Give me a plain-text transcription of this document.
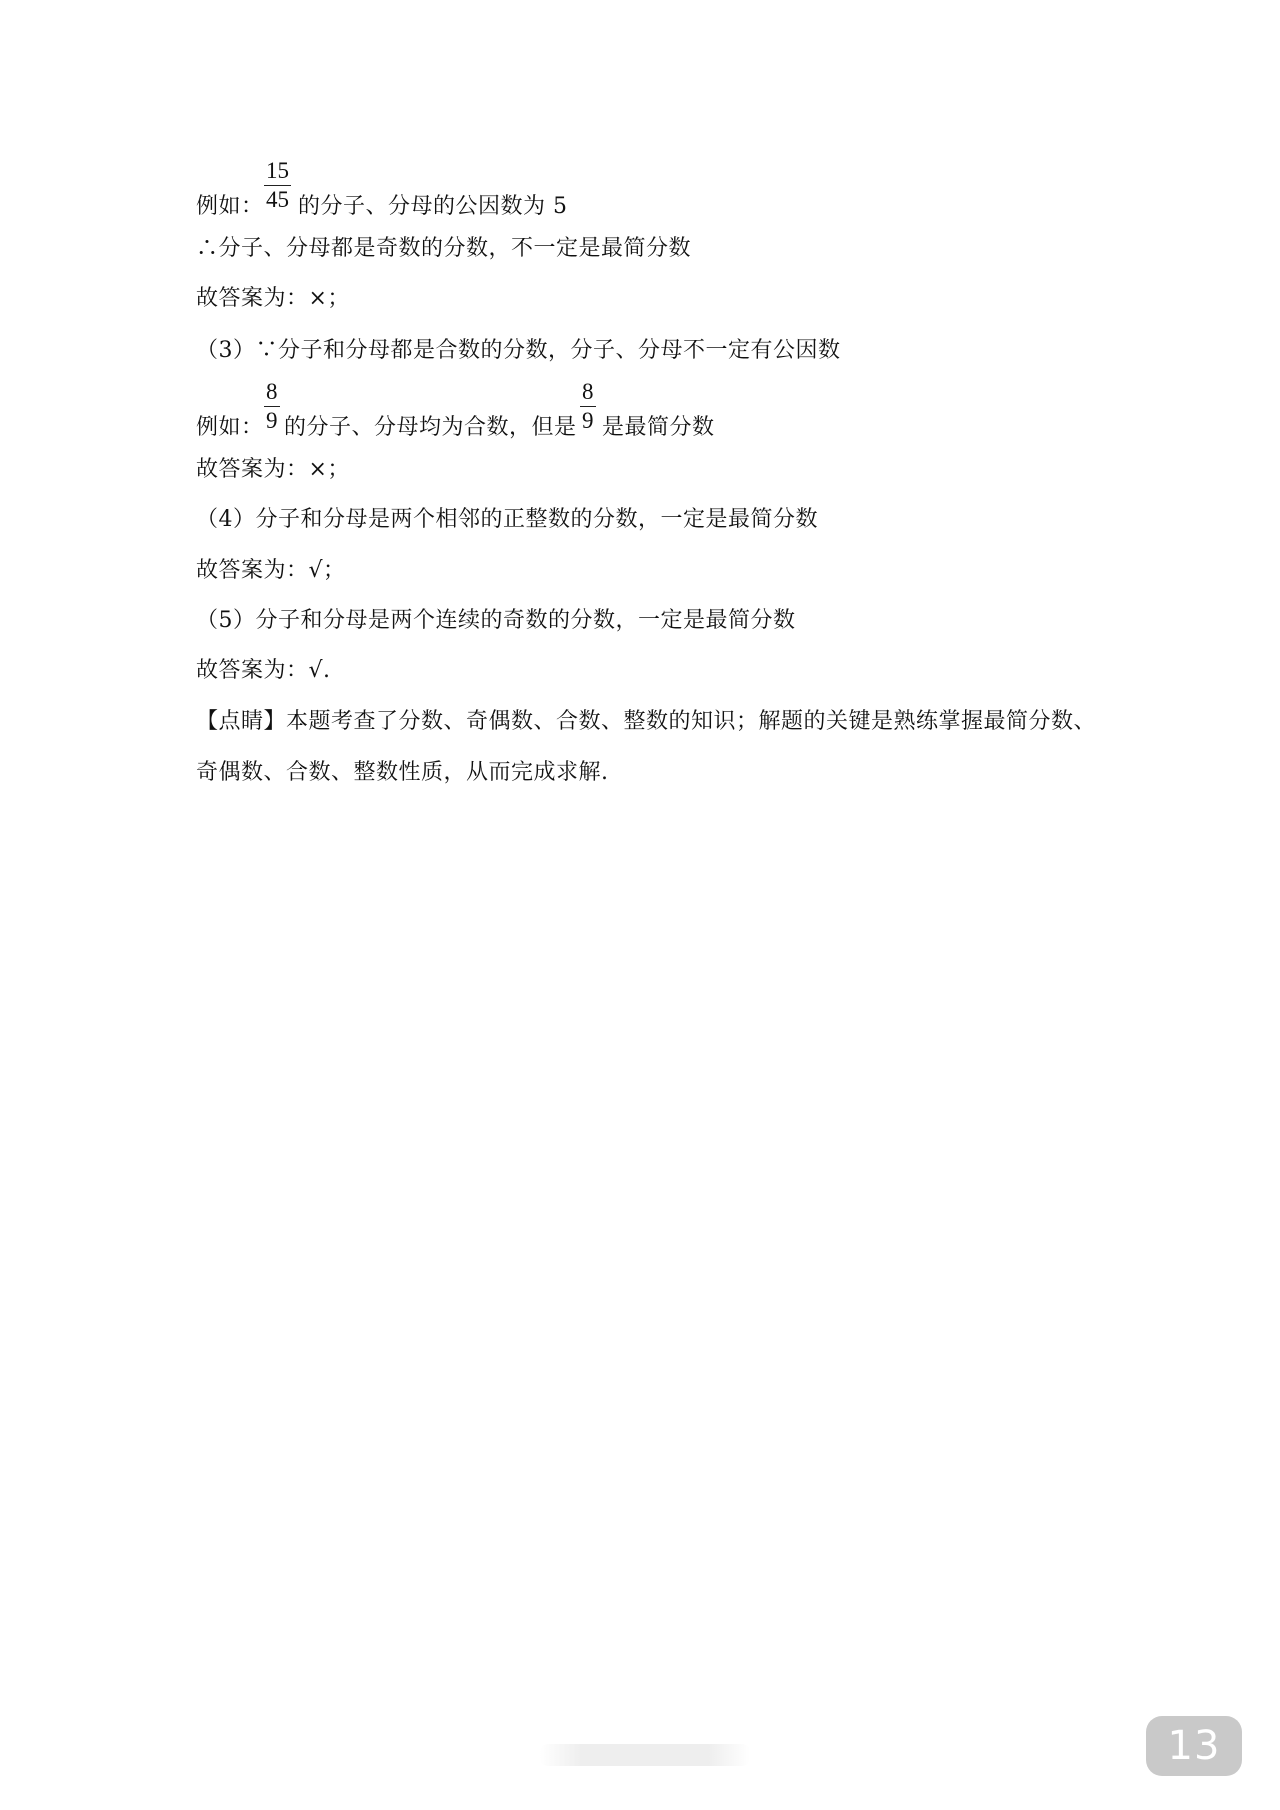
例如： $\frac{15}{45}$ 的分子、分母的公因数为 5
∴分子、分母都是奇数的分数，不一定是最简分数
故答案为：×；
（3）∵分子和分母都是合数的分数，分子、分母不一定有公因数
例如： $\frac{8}{9}$ 的分子、分母均为合数，但是 $\frac{8}{9}$ 是最简分数
故答案为：×；
（4）分子和分母是两个相邻的正整数的分数，一定是最简分数
故答案为：√；
（5）分子和分母是两个连续的奇数的分数，一定是最简分数
故答案为：√.
【点睛】本题考查了分数、奇偶数、合数、整数的知识；解题的关键是熟练掌握最简分数、
奇偶数、合数、整数性质，从而完成求解.
13
